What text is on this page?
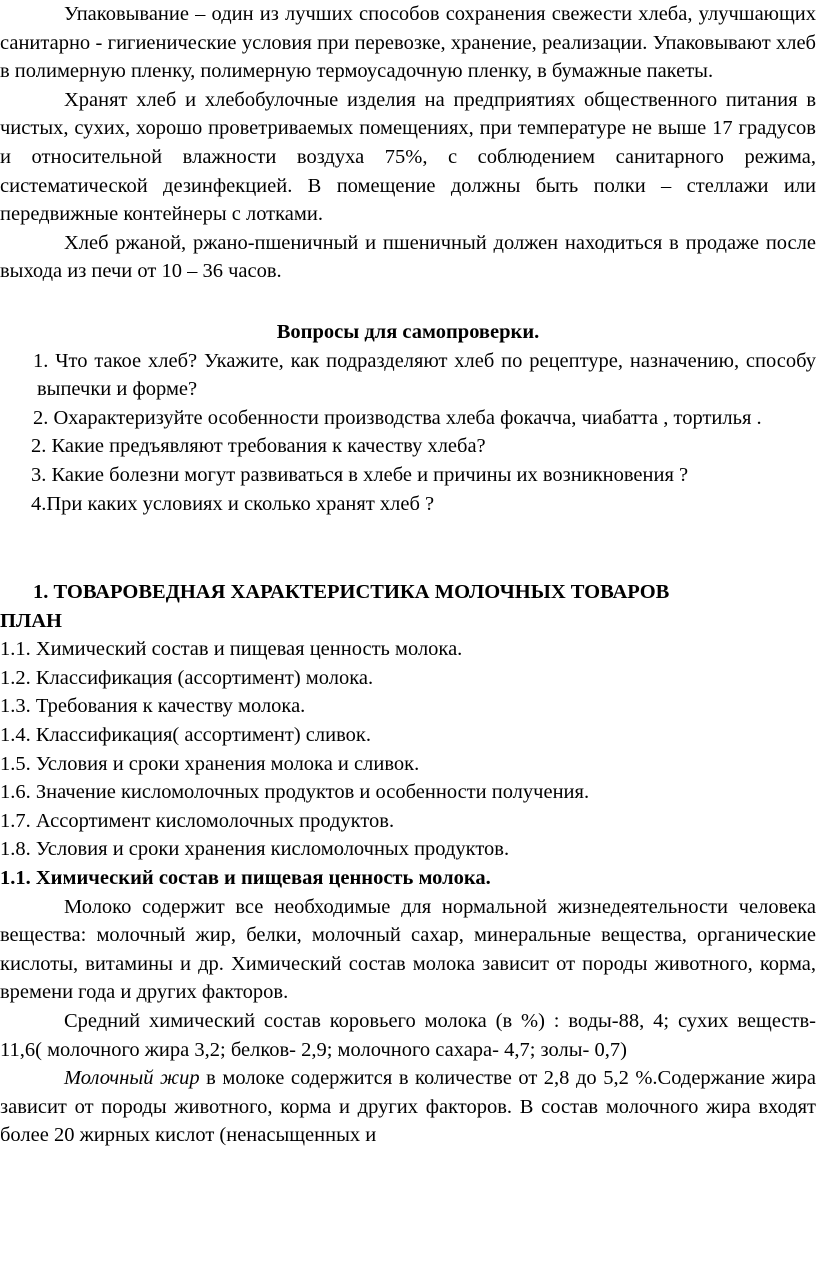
Упаковывание – один из лучших способов сохранения свежести хлеба, улучшающих санитарно - гигиенические условия при перевозке, хранение, реализации. Упаковывают хлеб в полимерную пленку, полимерную термоусадочную пленку, в бумажные пакеты.

Хранят хлеб и хлебобулочные изделия на предприятиях общественного питания в чистых, сухих, хорошо проветриваемых помещениях, при температуре не выше 17 градусов и относительной влажности воздуха 75%, с соблюдением санитарного режима, систематической дезинфекцией. В помещение должны быть полки – стеллажи или передвижные контейнеры с лотками.

Хлеб ржаной, ржано-пшеничный и пшеничный должен находиться в продаже после выхода из печи от 10 – 36 часов.

Вопросы для самопроверки.

1. Что такое хлеб? Укажите, как подразделяют хлеб по рецептуре, назначению, способу выпечки и форме?

2. Охарактеризуйте особенности производства хлеба фокачча, чиабатта , тортилья .

2. Какие предъявляют требования к качеству хлеба?

3. Какие болезни могут развиваться в хлебе и причины их возникновения ?

4.При каких условиях и сколько хранят хлеб ?

1. ТОВАРОВЕДНАЯ ХАРАКТЕРИСТИКА МОЛОЧНЫХ ТОВАРОВ

ПЛАН

1.1. Химический состав и пищевая ценность молока.

1.2. Классификация (ассортимент) молока.

1.3. Требования к качеству молока.

1.4. Классификация( ассортимент) сливок.

1.5. Условия и сроки хранения молока и сливок.

1.6. Значение кисломолочных продуктов и особенности получения.

1.7. Ассортимент кисломолочных продуктов.

1.8. Условия и сроки хранения кисломолочных продуктов.

1.1. Химический состав и пищевая ценность молока.

Молоко содержит все необходимые для нормальной жизнедеятельности человека вещества: молочный жир, белки, молочный сахар, минеральные вещества, органические кислоты, витамины и др. Химический состав молока зависит от породы животного, корма, времени года и других факторов.

Средний химический состав коровьего молока (в %) : воды-88, 4; сухих веществ- 11,6( молочного жира 3,2; белков- 2,9; молочного сахара- 4,7; золы- 0,7)

Молочный жир в молоке содержится в количестве от 2,8 до 5,2 %.Содержание жира зависит от породы животного, корма и других факторов. В состав молочного жира входят более 20 жирных кислот (ненасыщенных и
